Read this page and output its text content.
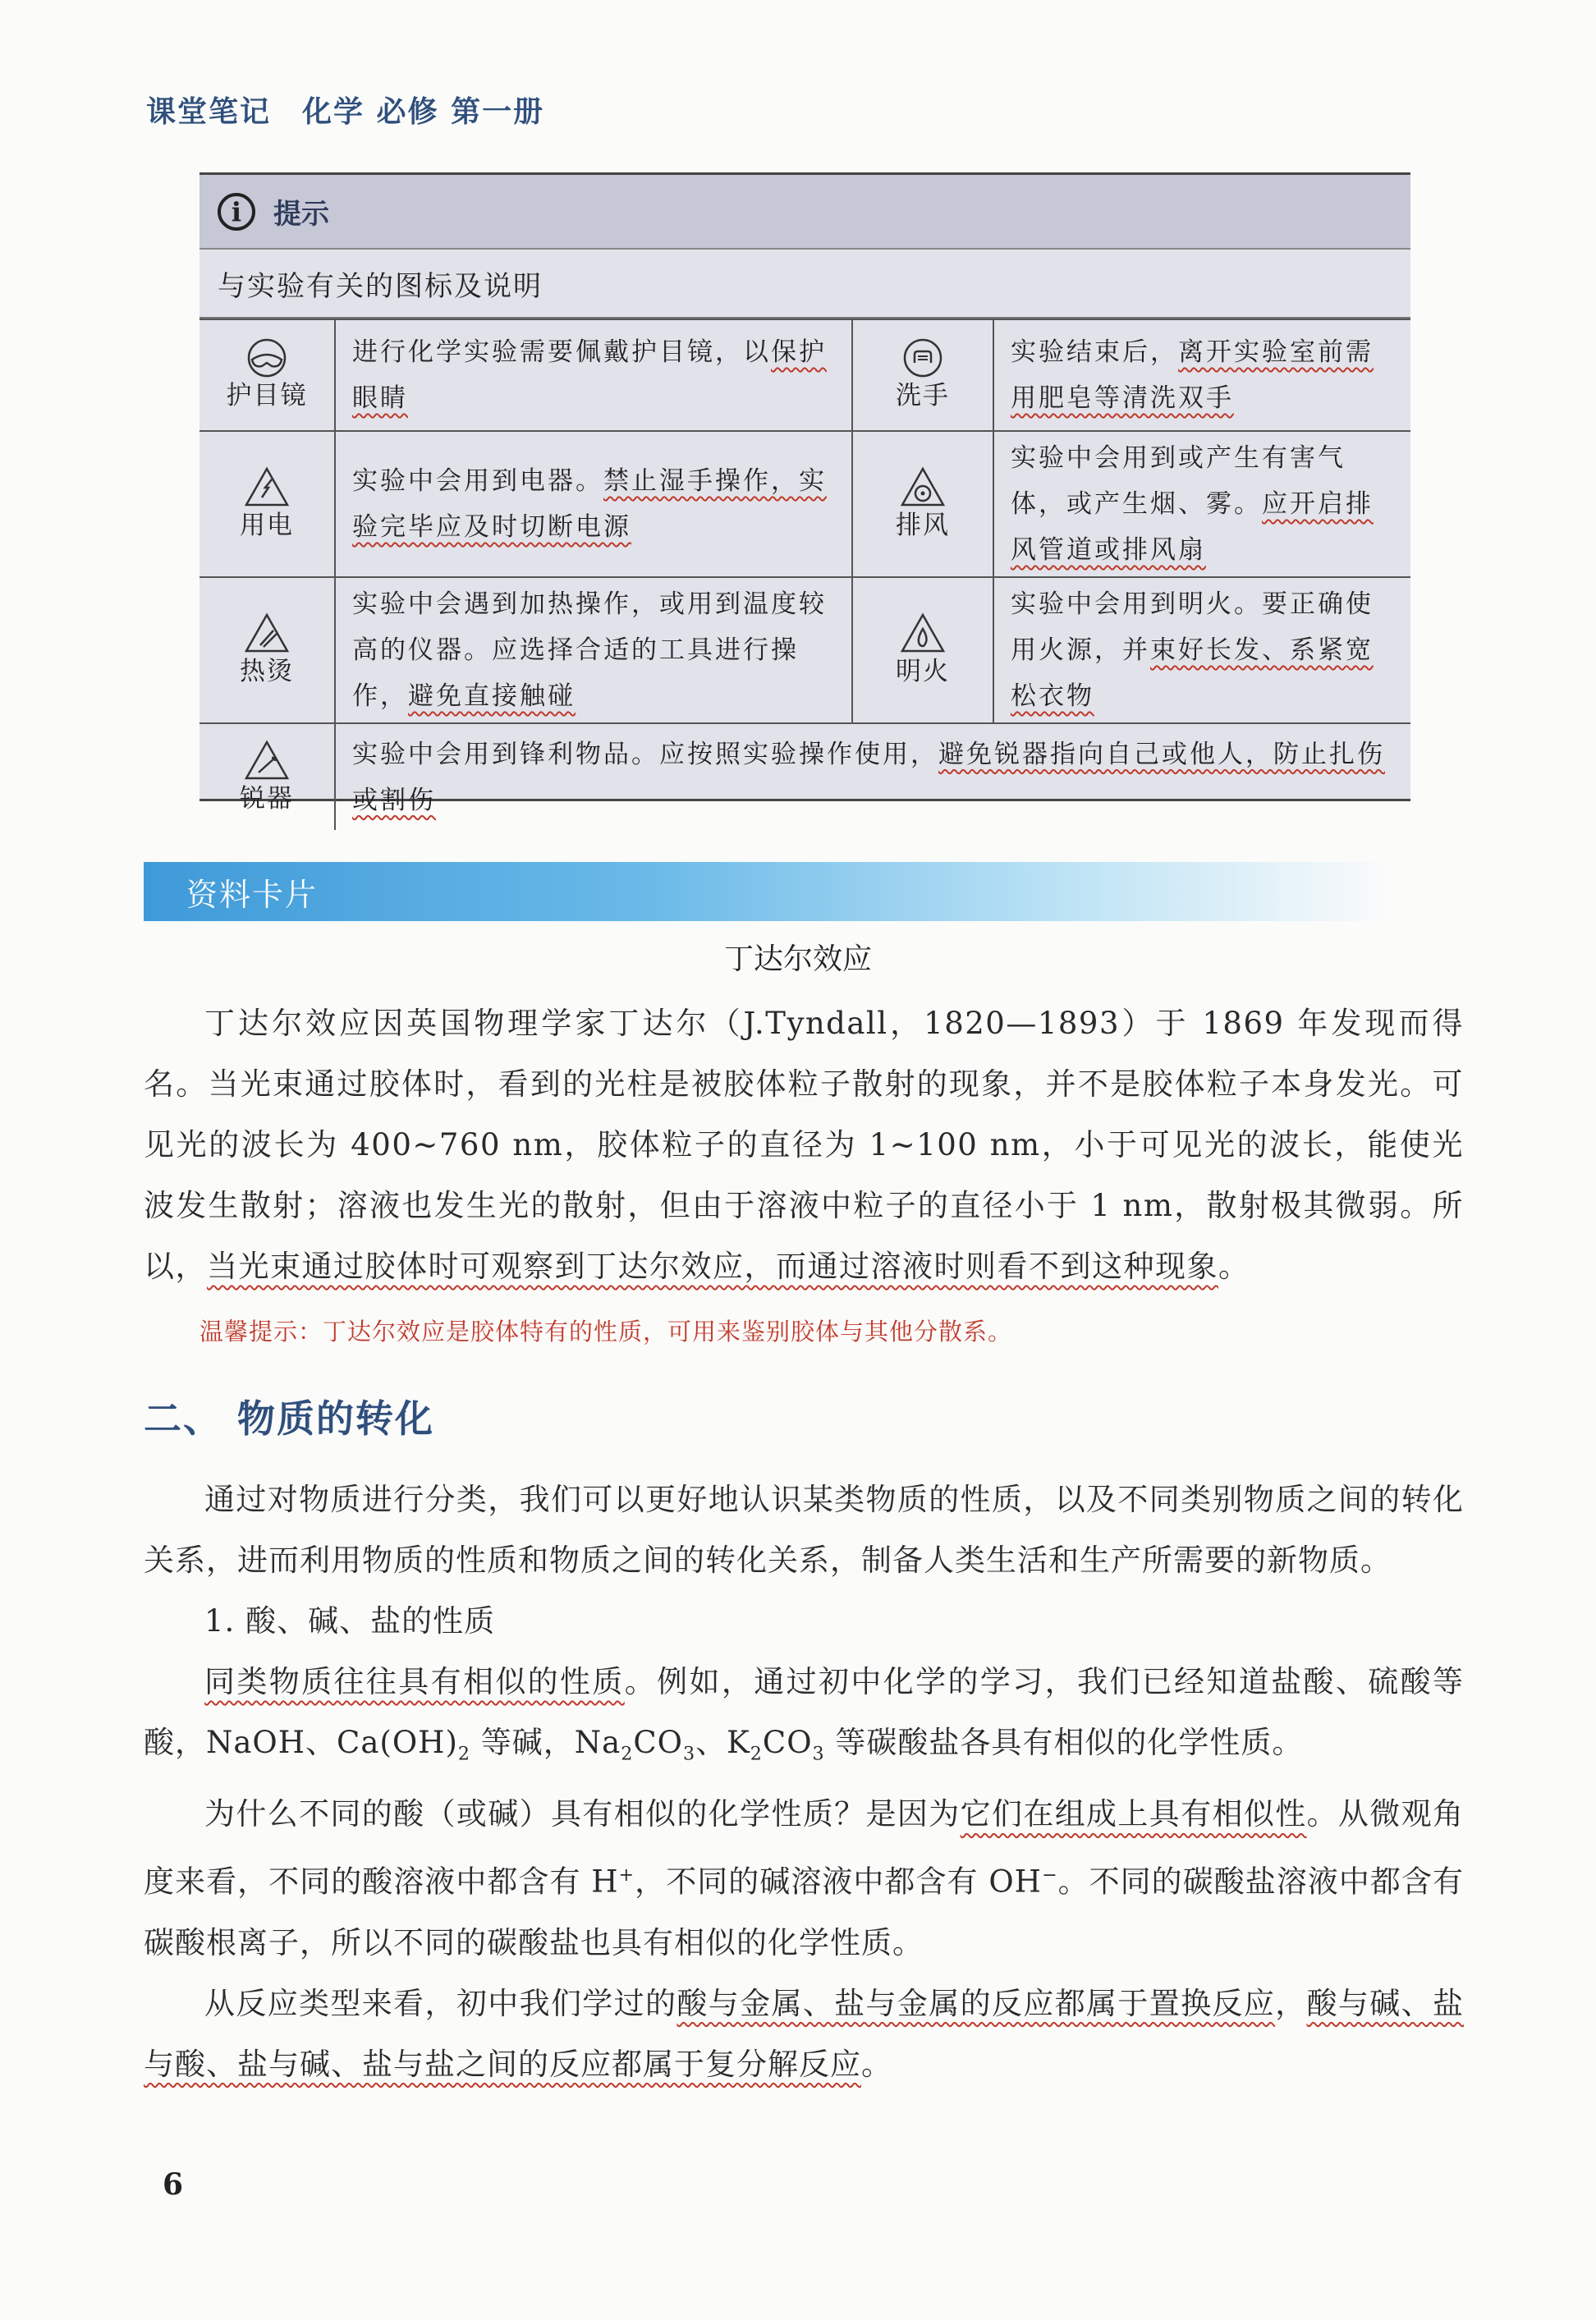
课堂笔记　化学 必修 第一册
i	提示
与实验有关的图标及说明
护目镜	进行化学实验需要佩戴护目镜，以保护眼睛	洗手	实验结束后，离开实验室前需用肥皂等清洗双手

用电	实验中会用到电器。禁止湿手操作，实验完毕应及时切断电源	排风	实验中会用到或产生有害气体，或产生烟、雾。应开启排风管道或排风扇

热烫	实验中会遇到加热操作，或用到温度较高的仪器。应选择合适的工具进行操作，避免直接触碰	明火	实验中会用到明火。要正确使用火源，并束好长发、系紧宽松衣物

锐器	实验中会用到锋利物品。应按照实验操作使用，避免锐器指向自己或他人，防止扎伤或割伤		
资料卡片
丁达尔效应

丁达尔效应因英国物理学家丁达尔（J.Tyndall，1820—1893）于 1869 年发现而得名。当光束通过胶体时，看到的光柱是被胶体粒子散射的现象，并不是胶体粒子本身发光。可见光的波长为 400~760 nm，胶体粒子的直径为 1~100 nm，小于可见光的波长，能使光波发生散射；溶液也发生光的散射，但由于溶液中粒子的直径小于 1 nm，散射极其微弱。所以，当光束通过胶体时可观察到丁达尔效应，而通过溶液时则看不到这种现象。

温馨提示：丁达尔效应是胶体特有的性质，可用来鉴别胶体与其他分散系。
二、 物质的转化

通过对物质进行分类，我们可以更好地认识某类物质的性质，以及不同类别物质之间的转化关系，进而利用物质的性质和物质之间的转化关系，制备人类生活和生产所需要的新物质。

1. 酸、碱、盐的性质

同类物质往往具有相似的性质。例如，通过初中化学的学习，我们已经知道盐酸、硫酸等酸，NaOH、$Ca(OH)_2$ 等碱，$Na_2CO_3$、$K_2CO_3$ 等碳酸盐各具有相似的化学性质。

为什么不同的酸（或碱）具有相似的化学性质？是因为它们在组成上具有相似性。从微观角度来看，不同的酸溶液中都含有 H+，不同的碱溶液中都含有 OH−。不同的碳酸盐溶液中都含有碳酸根离子，所以不同的碳酸盐也具有相似的化学性质。

从反应类型来看，初中我们学过的酸与金属、盐与金属的反应都属于置换反应，酸与碱、盐与酸、盐与碱、盐与盐之间的反应都属于复分解反应。

6
